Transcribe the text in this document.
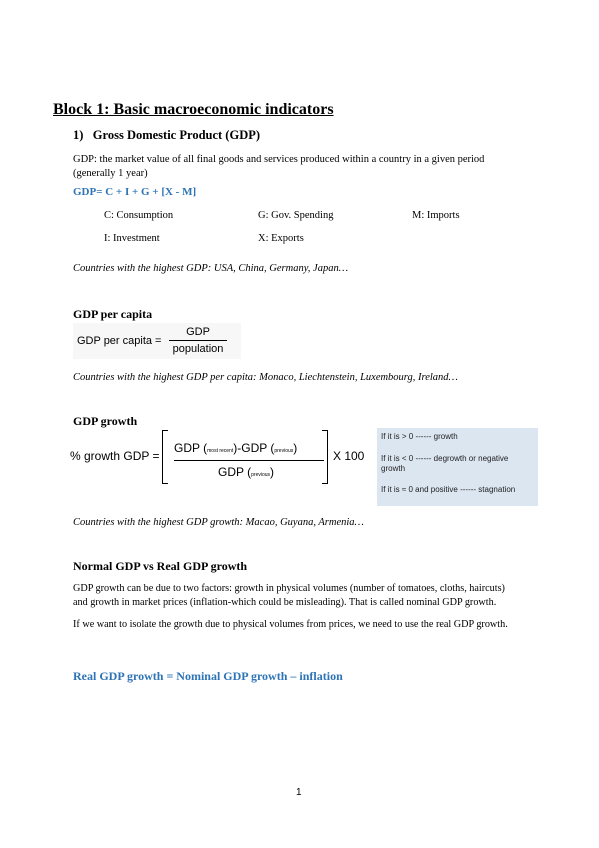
Block 1: Basic macroeconomic indicators
1) Gross Domestic Product (GDP)
GDP: the market value of all final goods and services produced within a country in a given period
(generally 1 year)
GDP= C + I + G + [X - M]
C: Consumption	G: Gov. Spending	M: Imports
I: Investment	X: Exports
Countries with the highest GDP: USA, China, Germany, Japan…
GDP per capita
GDP per capita =
GDP
population
Countries with the highest GDP per capita: Monaco, Liechtenstein, Luxembourg, Ireland…
GDP growth
% growth GDP =
GDP (most recent)-GDP (previous)
GDP (previous)
X 100
If it is > 0 ------ growth
If it is < 0 ------ degrowth or negative
growth
If it is ≈ 0 and positive ------ stagnation
Countries with the highest GDP growth: Macao, Guyana, Armenia…
Normal GDP vs Real GDP growth
GDP growth can be due to two factors: growth in physical volumes (number of tomatoes, cloths, haircuts)
and growth in market prices (inflation-which could be misleading). That is called nominal GDP growth.
If we want to isolate the growth due to physical volumes from prices, we need to use the real GDP growth.
Real GDP growth = Nominal GDP growth – inflation
1
